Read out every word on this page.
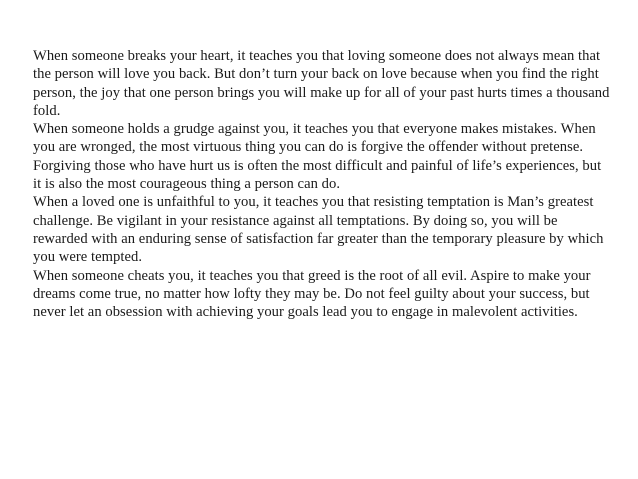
When someone breaks your heart, it teaches you that loving someone does not always mean that the person will love you back. But don’t turn your back on love because when you find the right person, the joy that one person brings you will make up for all of your past hurts times a thousand fold.

When someone holds a grudge against you, it teaches you that everyone makes mistakes. When you are wronged, the most virtuous thing you can do is forgive the offender without pretense. Forgiving those who have hurt us is often the most difficult and painful of life’s experiences, but it is also the most courageous thing a person can do.

When a loved one is unfaithful to you, it teaches you that resisting temptation is Man’s greatest challenge. Be vigilant in your resistance against all temptations. By doing so, you will be rewarded with an enduring sense of satisfaction far greater than the temporary pleasure by which you were tempted.

When someone cheats you, it teaches you that greed is the root of all evil. Aspire to make your dreams come true, no matter how lofty they may be. Do not feel guilty about your success, but never let an obsession with achieving your goals lead you to engage in malevolent activities.
